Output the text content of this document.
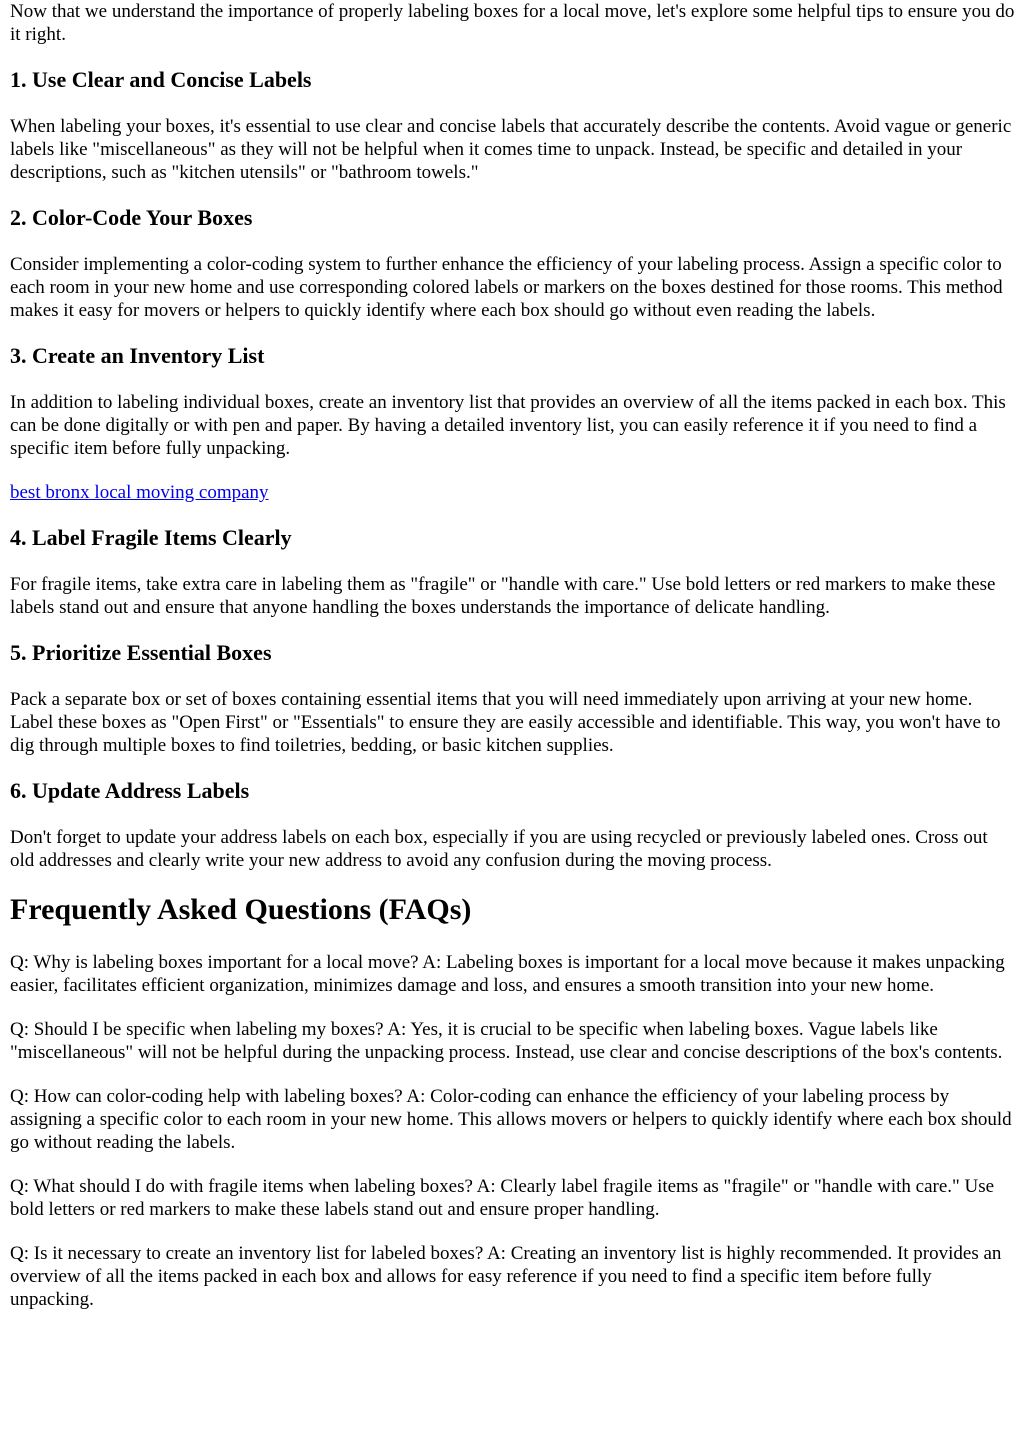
Now that we understand the importance of properly labeling boxes for a local move, let's explore some helpful tips to ensure you do it right.

1. Use Clear and Concise Labels

When labeling your boxes, it's essential to use clear and concise labels that accurately describe the contents. Avoid vague or generic labels like "miscellaneous" as they will not be helpful when it comes time to unpack. Instead, be specific and detailed in your descriptions, such as "kitchen utensils" or "bathroom towels."

2. Color-Code Your Boxes

Consider implementing a color-coding system to further enhance the efficiency of your labeling process. Assign a specific color to each room in your new home and use corresponding colored labels or markers on the boxes destined for those rooms. This method makes it easy for movers or helpers to quickly identify where each box should go without even reading the labels.

3. Create an Inventory List

In addition to labeling individual boxes, create an inventory list that provides an overview of all the items packed in each box. This can be done digitally or with pen and paper. By having a detailed inventory list, you can easily reference it if you need to find a specific item before fully unpacking.

best bronx local moving company

4. Label Fragile Items Clearly

For fragile items, take extra care in labeling them as "fragile" or "handle with care." Use bold letters or red markers to make these labels stand out and ensure that anyone handling the boxes understands the importance of delicate handling.

5. Prioritize Essential Boxes

Pack a separate box or set of boxes containing essential items that you will need immediately upon arriving at your new home. Label these boxes as "Open First" or "Essentials" to ensure they are easily accessible and identifiable. This way, you won't have to dig through multiple boxes to find toiletries, bedding, or basic kitchen supplies.

6. Update Address Labels

Don't forget to update your address labels on each box, especially if you are using recycled or previously labeled ones. Cross out old addresses and clearly write your new address to avoid any confusion during the moving process.

Frequently Asked Questions (FAQs)

Q: Why is labeling boxes important for a local move? A: Labeling boxes is important for a local move because it makes unpacking easier, facilitates efficient organization, minimizes damage and loss, and ensures a smooth transition into your new home.

Q: Should I be specific when labeling my boxes? A: Yes, it is crucial to be specific when labeling boxes. Vague labels like "miscellaneous" will not be helpful during the unpacking process. Instead, use clear and concise descriptions of the box's contents.

Q: How can color-coding help with labeling boxes? A: Color-coding can enhance the efficiency of your labeling process by assigning a specific color to each room in your new home. This allows movers or helpers to quickly identify where each box should go without reading the labels.

Q: What should I do with fragile items when labeling boxes? A: Clearly label fragile items as "fragile" or "handle with care." Use bold letters or red markers to make these labels stand out and ensure proper handling.

Q: Is it necessary to create an inventory list for labeled boxes? A: Creating an inventory list is highly recommended. It provides an overview of all the items packed in each box and allows for easy reference if you need to find a specific item before fully unpacking.
